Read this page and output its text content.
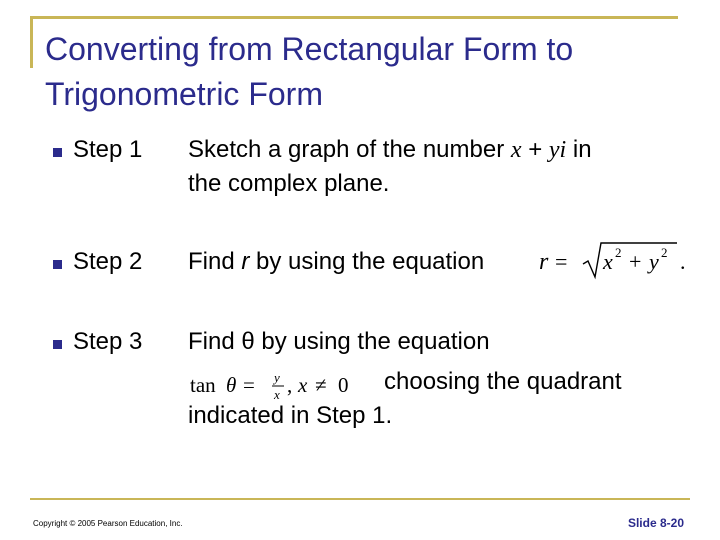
Converting from Rectangular Form to
Trigonometric Form
Step 1 Sketch a graph of the number x + yi in
the complex plane.
Step 2 Find r by using the equation r = x 2 + y 2 .
Step 3 Find θ by using the equation
tan θ = y
x , x ≠ 0 choosing the quadrant
indicated in Step 1.
Copyright © 2005 Pearson Education, Inc.	Slide 8-20
